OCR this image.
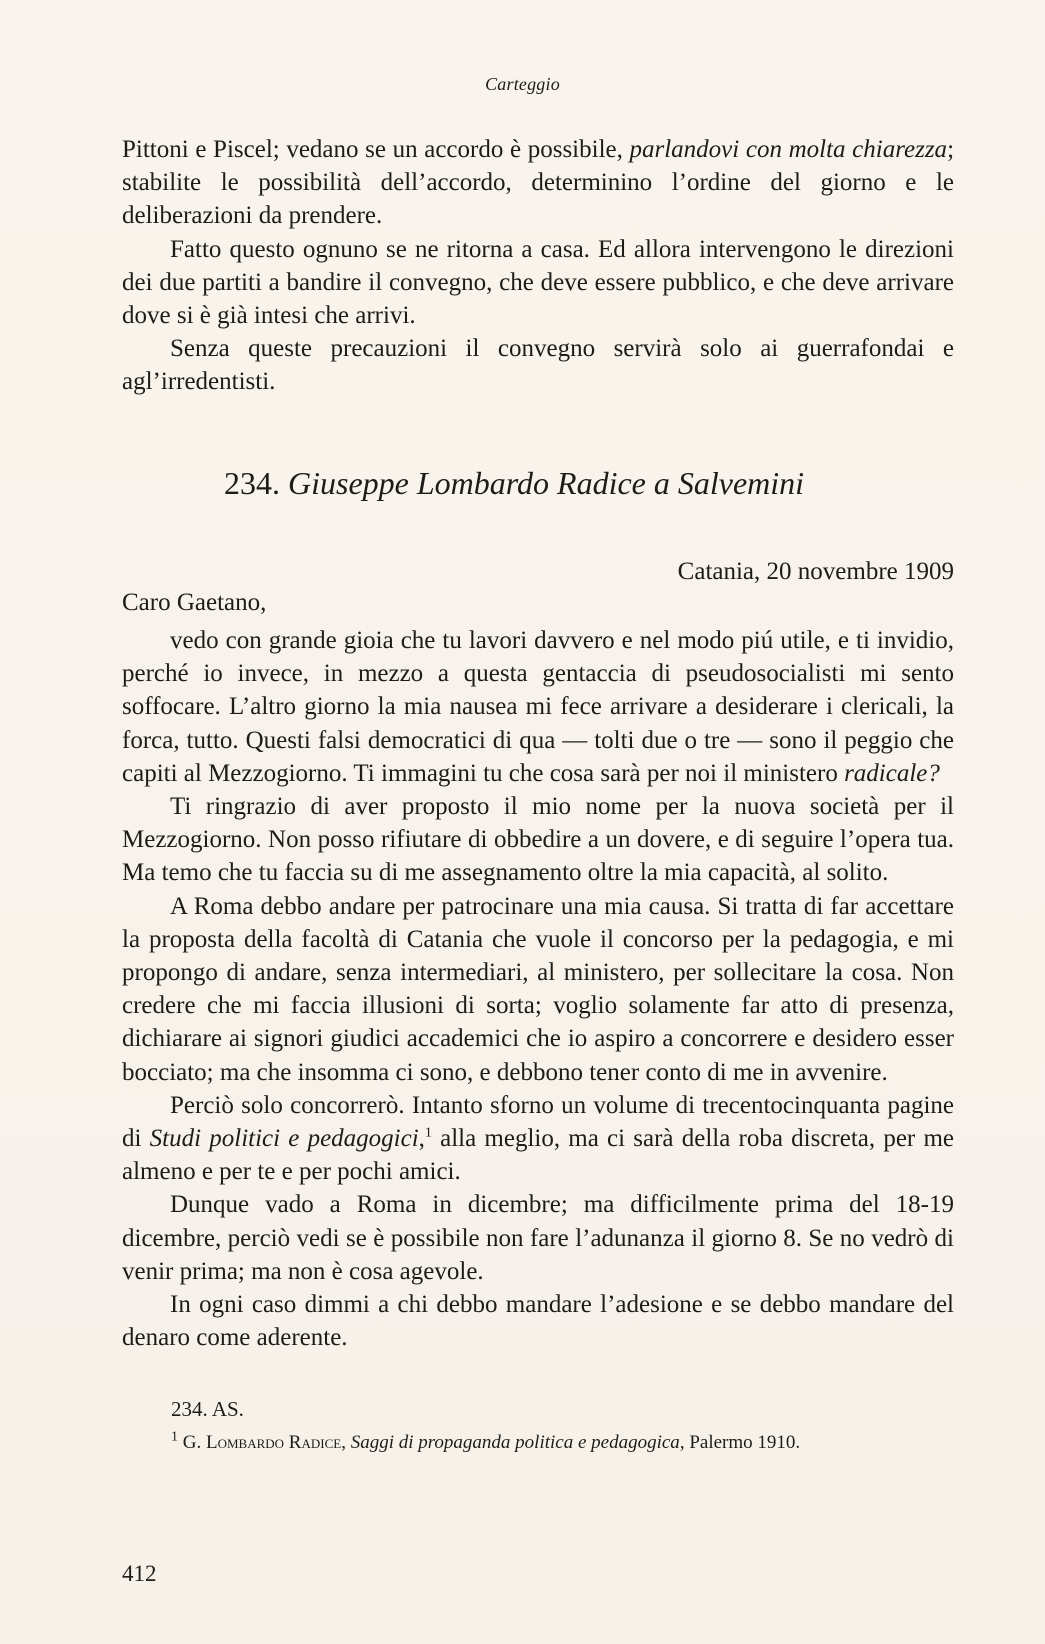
Carteggio

Pittoni e Piscel; vedano se un accordo è possibile, parlandovi con molta chiarezza; stabilite le possibilità dell’accordo, determinino l’ordine del giorno e le deliberazioni da prendere.

Fatto questo ognuno se ne ritorna a casa. Ed allora intervengono le direzioni dei due partiti a bandire il convegno, che deve essere pubblico, e che deve arrivare dove si è già intesi che arrivi.

Senza queste precauzioni il convegno servirà solo ai guerrafondai e agl’irredentisti.

234. Giuseppe Lombardo Radice a Salvemini
Catania, 20 novembre 1909
Caro Gaetano,

vedo con grande gioia che tu lavori davvero e nel modo piú utile, e ti invidio, perché io invece, in mezzo a questa gentaccia di pseudosocialisti mi sento soffocare. L’altro giorno la mia nausea mi fece arrivare a desiderare i clericali, la forca, tutto. Questi falsi democratici di qua — tolti due o tre — sono il peggio che capiti al Mezzogiorno. Ti immagini tu che cosa sarà per noi il ministero radicale?

Ti ringrazio di aver proposto il mio nome per la nuova società per il Mezzogiorno. Non posso rifiutare di obbedire a un dovere, e di seguire l’opera tua. Ma temo che tu faccia su di me assegnamento oltre la mia capacità, al solito.

A Roma debbo andare per patrocinare una mia causa. Si tratta di far accettare la proposta della facoltà di Catania che vuole il concorso per la pedagogia, e mi propongo di andare, senza intermediari, al ministero, per sollecitare la cosa. Non credere che mi faccia illusioni di sorta; voglio solamente far atto di presenza, dichiarare ai signori giudici accademici che io aspiro a concorrere e desidero esser bocciato; ma che insomma ci sono, e debbono tener conto di me in avvenire.

Perciò solo concorrerò. Intanto sforno un volume di trecentocinquanta pagine di Studi politici e pedagogici,$^1$ alla meglio, ma ci sarà della roba discreta, per me almeno e per te e per pochi amici.

Dunque vado a Roma in dicembre; ma difficilmente prima del 18-19 dicembre, perciò vedi se è possibile non fare l’adunanza il giorno 8. Se no vedrò di venir prima; ma non è cosa agevole.

In ogni caso dimmi a chi debbo mandare l’adesione e se debbo mandare del denaro come aderente.

234. AS.
$^1$ G. Lombardo Radice, Saggi di propaganda politica e pedagogica, Palermo 1910.
412
